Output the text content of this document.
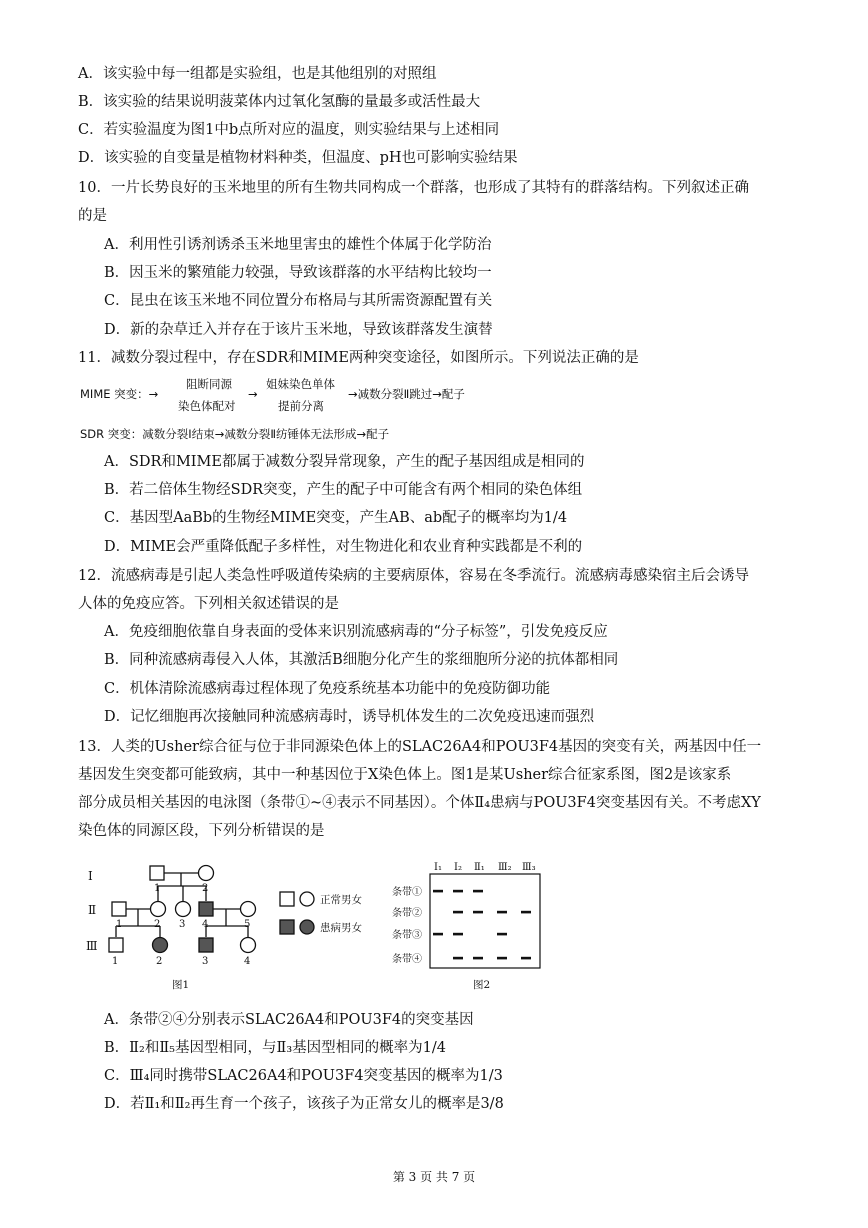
A．该实验中每一组都是实验组，也是其他组别的对照组
B．该实验的结果说明菠菜体内过氧化氢酶的量最多或活性最大
C．若实验温度为图1中b点所对应的温度，则实验结果与上述相同
D．该实验的自变量是植物材料种类，但温度、pH也可影响实验结果
10．一片长势良好的玉米地里的所有生物共同构成一个群落，也形成了其特有的群落结构。下列叙述正确
的是
A．利用性引诱剂诱杀玉米地里害虫的雄性个体属于化学防治
B．因玉米的繁殖能力较强，导致该群落的水平结构比较均一
C．昆虫在该玉米地不同位置分布格局与其所需资源配置有关
D．新的杂草迁入并存在于该片玉米地，导致该群落发生演替
11．减数分裂过程中，存在SDR和MIME两种突变途径，如图所示。下列说法正确的是
MIME 突变：→
阻断同源
染色体配对
→
姐妹染色单体
提前分离
→减数分裂Ⅱ跳过→配子
SDR 突变：减数分裂Ⅰ结束→减数分裂Ⅱ纺锤体无法形成→配子
A．SDR和MIME都属于减数分裂异常现象，产生的配子基因组成是相同的
B．若二倍体生物经SDR突变，产生的配子中可能含有两个相同的染色体组
C．基因型AaBb的生物经MIME突变，产生AB、ab配子的概率均为1/4
D．MIME会严重降低配子多样性，对生物进化和农业育种实践都是不利的
12．流感病毒是引起人类急性呼吸道传染病的主要病原体，容易在冬季流行。流感病毒感染宿主后会诱导
人体的免疫应答。下列相关叙述错误的是
A．免疫细胞依靠自身表面的受体来识别流感病毒的“分子标签”，引发免疫反应
B．同种流感病毒侵入人体，其激活B细胞分化产生的浆细胞所分泌的抗体都相同
C．机体清除流感病毒过程体现了免疫系统基本功能中的免疫防御功能
D．记忆细胞再次接触同种流感病毒时，诱导机体发生的二次免疫迅速而强烈
13．人类的Usher综合征与位于非同源染色体上的SLAC26A4和POU3F4基因的突变有关，两基因中任一
基因发生突变都可能致病，其中一种基因位于X染色体上。图1是某Usher综合征家系图，图2是该家系
部分成员相关基因的电泳图（条带①~④表示不同基因）。个体Ⅱ₄患病与POU3F4突变基因有关。不考虑XY
染色体的同源区段，下列分析错误的是
Ⅰ
Ⅱ
Ⅲ
1	2
1	2 3 4	5
1	2	3	4
正常男女
患病男女
图1
Ⅰ₁ Ⅰ₂ Ⅱ₁ Ⅲ₂ Ⅲ₃
条带①
条带②
条带③
条带④
图2
A．条带②④分别表示SLAC26A4和POU3F4的突变基因
B．Ⅱ₂和Ⅱ₅基因型相同，与Ⅱ₃基因型相同的概率为1/4
C．Ⅲ₄同时携带SLAC26A4和POU3F4突变基因的概率为1/3
D．若Ⅱ₁和Ⅱ₂再生育一个孩子，该孩子为正常女儿的概率是3/8
第 3 页 共 7 页
